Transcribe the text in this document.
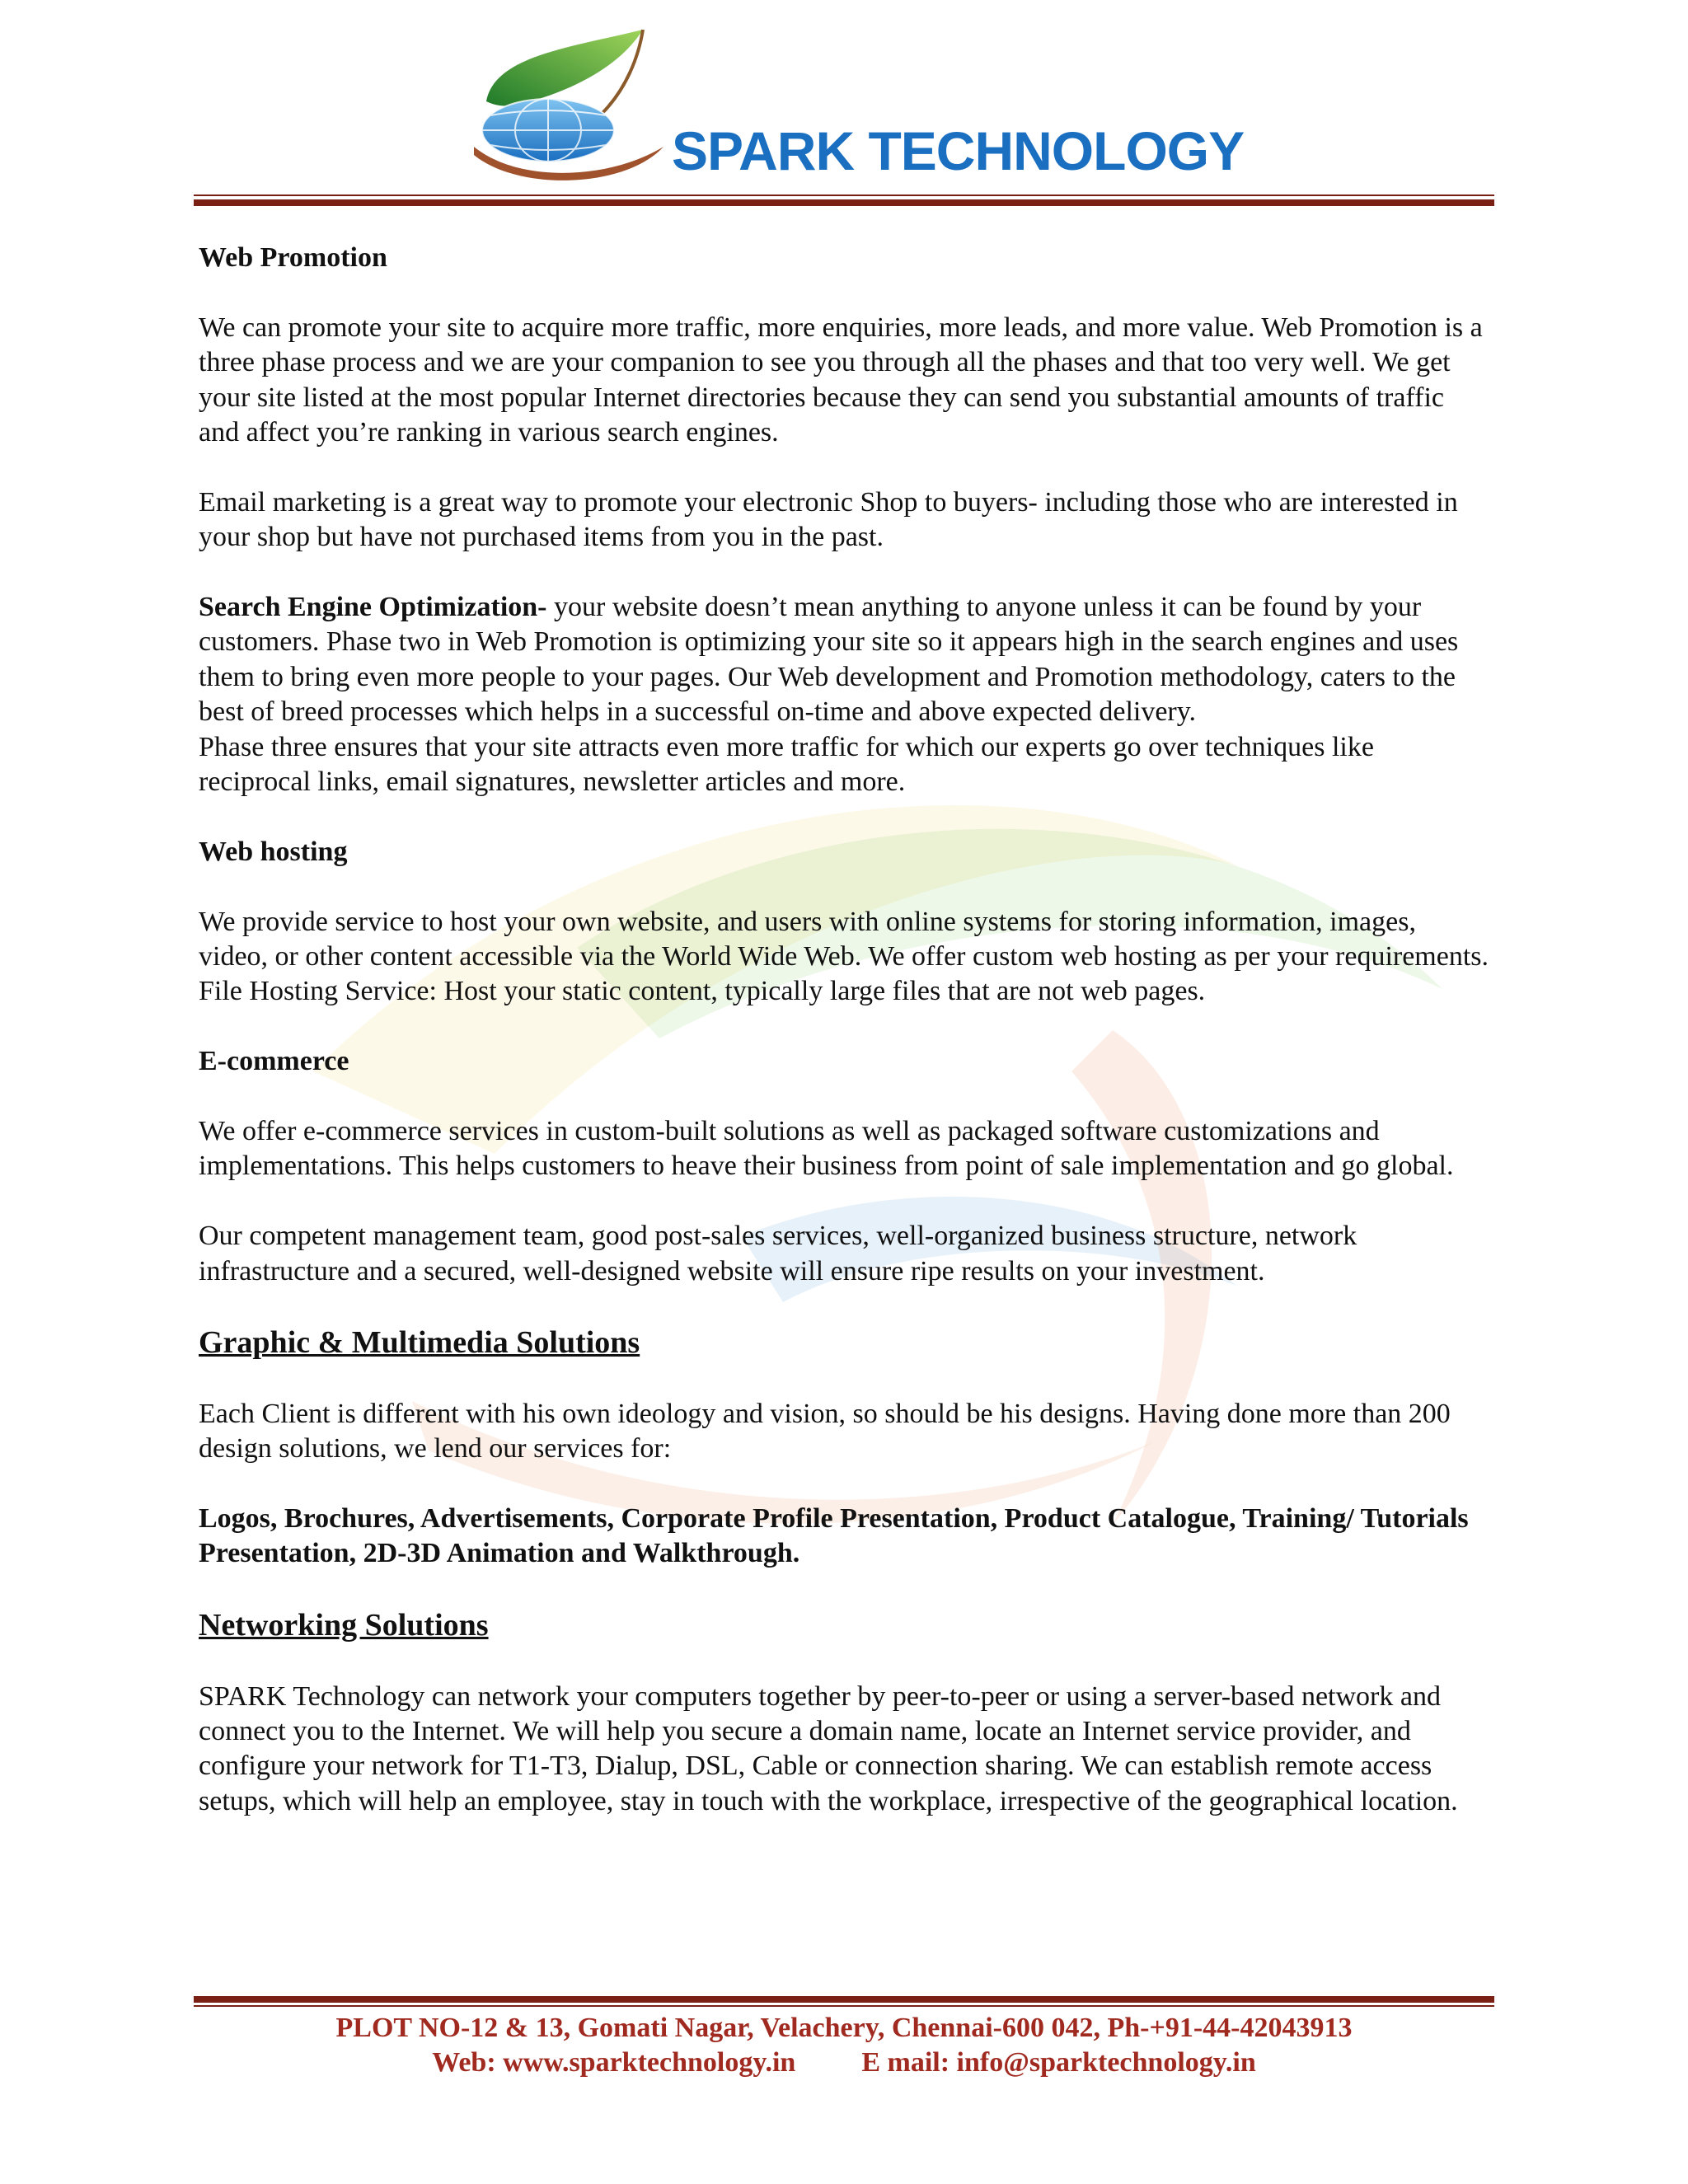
SPARK TECHNOLOGY

Web Promotion

We can promote your site to acquire more traffic, more enquiries, more leads, and more value. Web Promotion is a three phase process and we are your companion to see you through all the phases and that too very well. We get your site listed at the most popular Internet directories because they can send you substantial amounts of traffic and affect you’re ranking in various search engines.

Email marketing is a great way to promote your electronic Shop to buyers- including those who are interested in your shop but have not purchased items from you in the past.

Search Engine Optimization- your website doesn’t mean anything to anyone unless it can be found by your customers. Phase two in Web Promotion is optimizing your site so it appears high in the search engines and uses them to bring even more people to your pages. Our Web development and Promotion methodology, caters to the best of breed processes which helps in a successful on-time and above expected delivery.

Phase three ensures that your site attracts even more traffic for which our experts go over techniques like reciprocal links, email signatures, newsletter articles and more.

Web hosting

We provide service to host your own website, and users with online systems for storing information, images, video, or other content accessible via the World Wide Web. We offer custom web hosting as per your requirements. File Hosting Service: Host your static content, typically large files that are not web pages.

E-commerce

We offer e-commerce services in custom-built solutions as well as packaged software customizations and implementations. This helps customers to heave their business from point of sale implementation and go global.

Our competent management team, good post-sales services, well-organized business structure, network infrastructure and a secured, well-designed website will ensure ripe results on your investment.

Graphic & Multimedia Solutions

Each Client is different with his own ideology and vision, so should be his designs. Having done more than 200 design solutions, we lend our services for:

Logos, Brochures, Advertisements, Corporate Profile Presentation, Product Catalogue, Training/ Tutorials Presentation, 2D-3D Animation and Walkthrough.

Networking Solutions

SPARK Technology can network your computers together by peer-to-peer or using a server-based network and connect you to the Internet. We will help you secure a domain name, locate an Internet service provider, and configure your network for T1-T3, Dialup, DSL, Cable or connection sharing. We can establish remote access setups, which will help an employee, stay in touch with the workplace, irrespective of the geographical location.

PLOT NO-12 & 13, Gomati Nagar, Velachery, Chennai-600 042, Ph-+91-44-42043913
Web: www.sparktechnology.in E mail: info@sparktechnology.in
